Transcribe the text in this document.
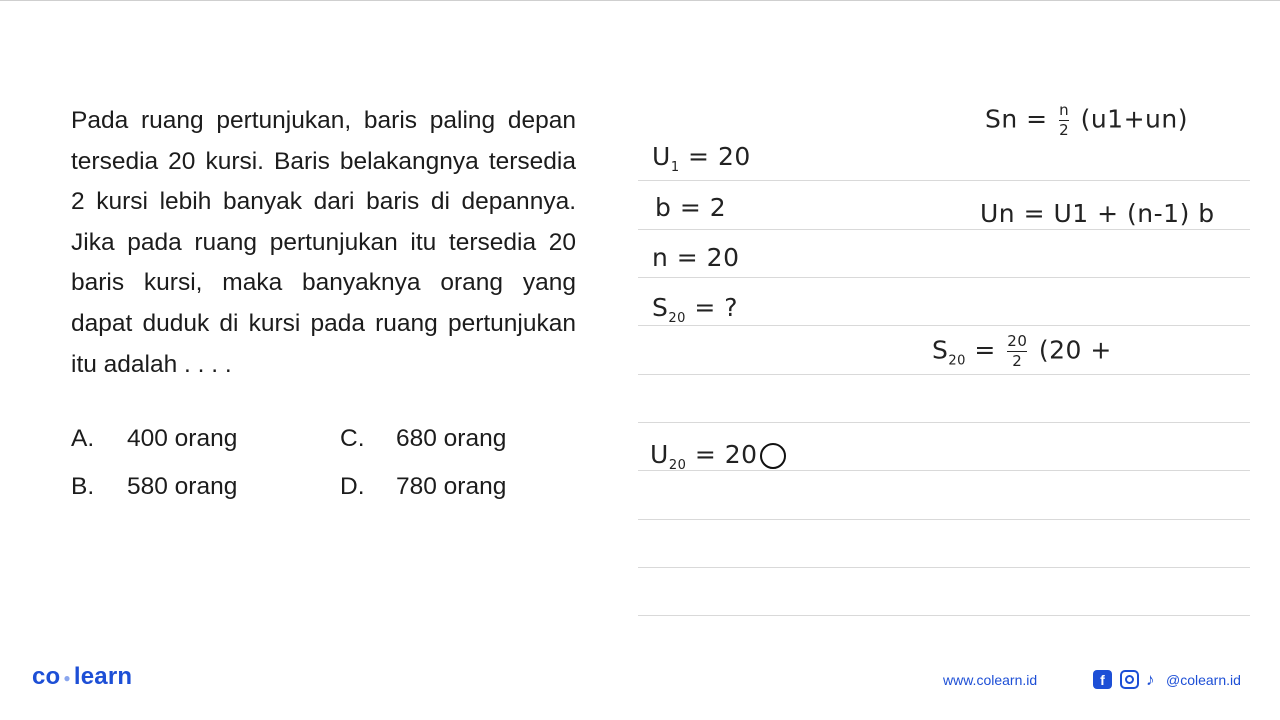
Pada ruang pertunjukan, baris paling depan tersedia 20 kursi. Baris belakangnya tersedia 2 kursi lebih banyak dari baris di depannya. Jika pada ruang pertunjukan itu tersedia 20 baris kursi, maka banyaknya orang yang dapat duduk di kursi pada ruang pertunjukan itu adalah . . . .
A. 400 orang
B. 580 orang
C. 680 orang
D. 780 orang
$Sn = \frac{n}{2} (u1+un)$
$U_1 = 20$
b = 2	Un = U1 + (n-1) b
n = 20
$S_{20}$ = ?
$S_{20} = \frac{20}{2} (20$ +
$U_{20} = 20$
co ● learn	www.colearn.id	f	♪ @colearn.id
